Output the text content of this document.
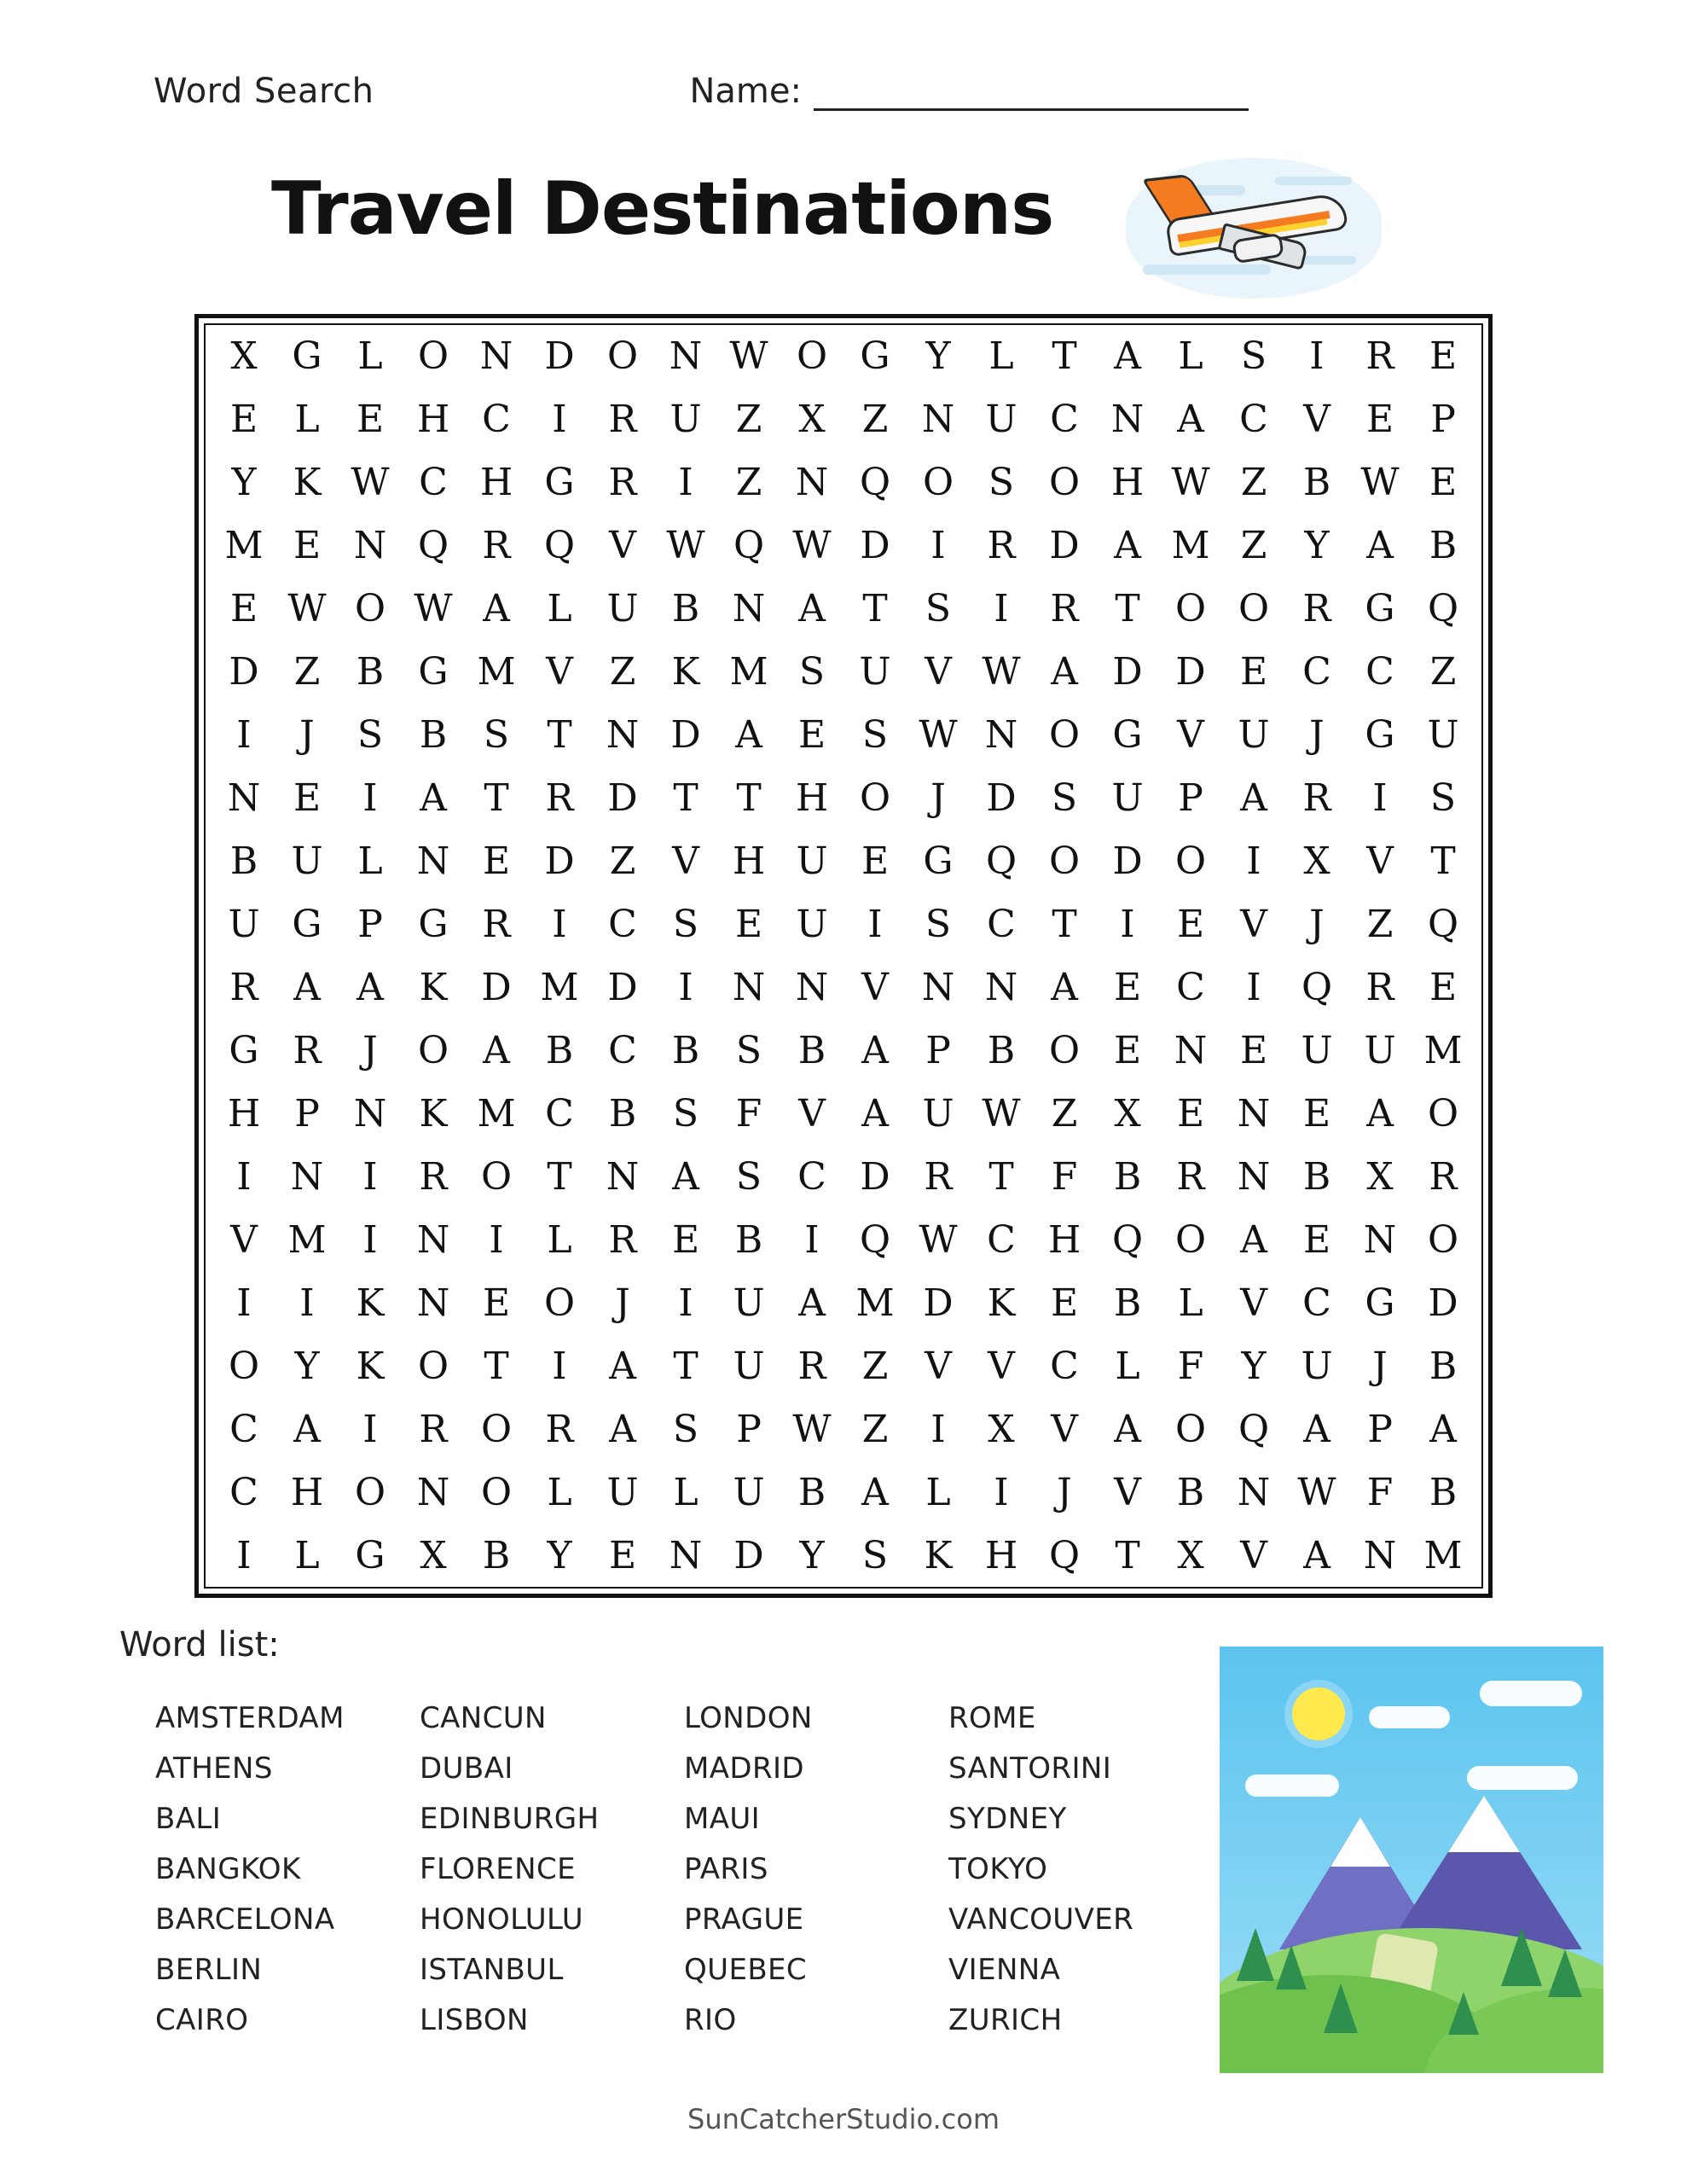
Word Search	Name:
Travel Destinations
X	G	L	O	N	D	O	N	W	O	G	Y	L	T	A	L	S	I	R	E
E	L	E	H	C	I	R	U	Z	X	Z	N	U	C	N	A	C	V	E	P
Y	K	W	C	H	G	R	I	Z	N	Q	O	S	O	H	W	Z	B	W	E
M	E	N	Q	R	Q	V	W	Q	W	D	I	R	D	A	M	Z	Y	A	B
E	W	O	W	A	L	U	B	N	A	T	S	I	R	T	O	O	R	G	Q
D	Z	B	G	M	V	Z	K	M	S	U	V	W	A	D	D	E	C	C	Z
I	J	S	B	S	T	N	D	A	E	S	W	N	O	G	V	U	J	G	U
N	E	I	A	T	R	D	T	T	H	O	J	D	S	U	P	A	R	I	S
B	U	L	N	E	D	Z	V	H	U	E	G	Q	O	D	O	I	X	V	T
U	G	P	G	R	I	C	S	E	U	I	S	C	T	I	E	V	J	Z	Q
R	A	A	K	D	M	D	I	N	N	V	N	N	A	E	C	I	Q	R	E
G	R	J	O	A	B	C	B	S	B	A	P	B	O	E	N	E	U	U	M
H	P	N	K	M	C	B	S	F	V	A	U	W	Z	X	E	N	E	A	O
I	N	I	R	O	T	N	A	S	C	D	R	T	F	B	R	N	B	X	R
V	M	I	N	I	L	R	E	B	I	Q	W	C	H	Q	O	A	E	N	O
I	I	K	N	E	O	J	I	U	A	M	D	K	E	B	L	V	C	G	D
O	Y	K	O	T	I	A	T	U	R	Z	V	V	C	L	F	Y	U	J	B
C	A	I	R	O	R	A	S	P	W	Z	I	X	V	A	O	Q	A	P	A
C	H	O	N	O	L	U	L	U	B	A	L	I	J	V	B	N	W	F	B
I	L	G	X	B	Y	E	N	D	Y	S	K	H	Q	T	X	V	A	N	M
Word list:
AMSTERDAM
ATHENS
BALI
BANGKOK
BARCELONA
BERLIN
CAIRO
CANCUN
DUBAI
EDINBURGH
FLORENCE
HONOLULU
ISTANBUL
LISBON
LONDON
MADRID
MAUI
PARIS
PRAGUE
QUEBEC
RIO
ROME
SANTORINI
SYDNEY
TOKYO
VANCOUVER
VIENNA
ZURICH
SunCatcherStudio.com
